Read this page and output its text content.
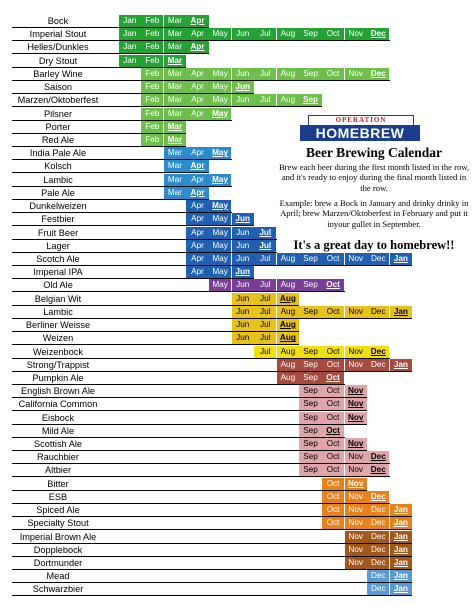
Bock	Jan	Feb	Mar	Apr
Imperial Stout	Jan	Feb	Mar	Apr	May	Jun	Jul	Aug Sep	Oct	Nov Dec
Helles/Dunkles	Jan	Feb	Mar	Apr
Dry Stout	Jan	Feb	Mar
Barley Wine	Feb	Mar	Apr	May	Jun	Jul	Aug Sep	Oct	Nov Dec
Saison	Feb	Mar	Apr	May Jun
Marzen/Oktoberfest	Feb	Mar	Apr	May	Jun	Jul	Aug Sep
Pilsner	Feb	Mar	Apr	May
Porter	Feb	Mar
Red Ale	Feb	Mar
India Pale Ale	Mar	Apr	May
Kolsch	Mar	Apr
Lambic	Mar	Apr	May
Pale Ale	Mar	Apr
Dunkelweizen	Apr	May
Festbier	Apr	May Jun
Fruit Beer	Apr	May	Jun	Jul
Lager	Apr	May	Jun	Jul
Scotch Ale	Apr	May	Jun	Jul	Aug Sep	Oct	Nov Dec	Jan
Imperial IPA	Apr	May Jun
Old Ale	May	Jun	Jul	Aug Sep	Oct
Belgian Wit	Jun	Jul	Aug
Lambic	Jun	Jul	Aug Sep	Oct	Nov Dec	Jan
Berliner Weisse	Jun	Jul	Aug
Weizen	Jun	Jul	Aug
Weizenbock	Jul	Aug Sep	Oct	Nov Dec
Strong/Trappist	Aug Sep	Oct	Nov Dec	Jan
Pumpkin Ale	Aug Sep	Oct
English Brown Ale	Sep	Oct	Nov
California Common	Sep	Oct	Nov
Eisbock	Sep	Oct	Nov
Mild Ale	Sep	Oct
Scottish Ale	Sep	Oct	Nov
Rauchbier	Sep	Oct	Nov Dec
Altbier	Sep	Oct	Nov Dec
Bitter	Oct	Nov
ESB	Oct	Nov Dec
Spiced Ale	Oct	Nov Dec	Jan
Specialty Stout	Oct	Nov Dec	Jan
Imperial Brown Ale	Nov Dec	Jan
Dopplebock	Nov Dec	Jan
Dortmunder	Nov Dec	Jan
Mead	Dec	Jan
Schwarzbier	Dec	Jan
OPERATION
HOMEBREW
Beer Brewing Calendar
Brew each beer during the first month listed in the row, and it's ready to enjoy during the final month listed in the row.
Example: brew a Bock in January and drinky drinky in April; brew Marzen/Oktoberfest in February and put it inyour gullet in September.
It's a great day to homebrew!!
